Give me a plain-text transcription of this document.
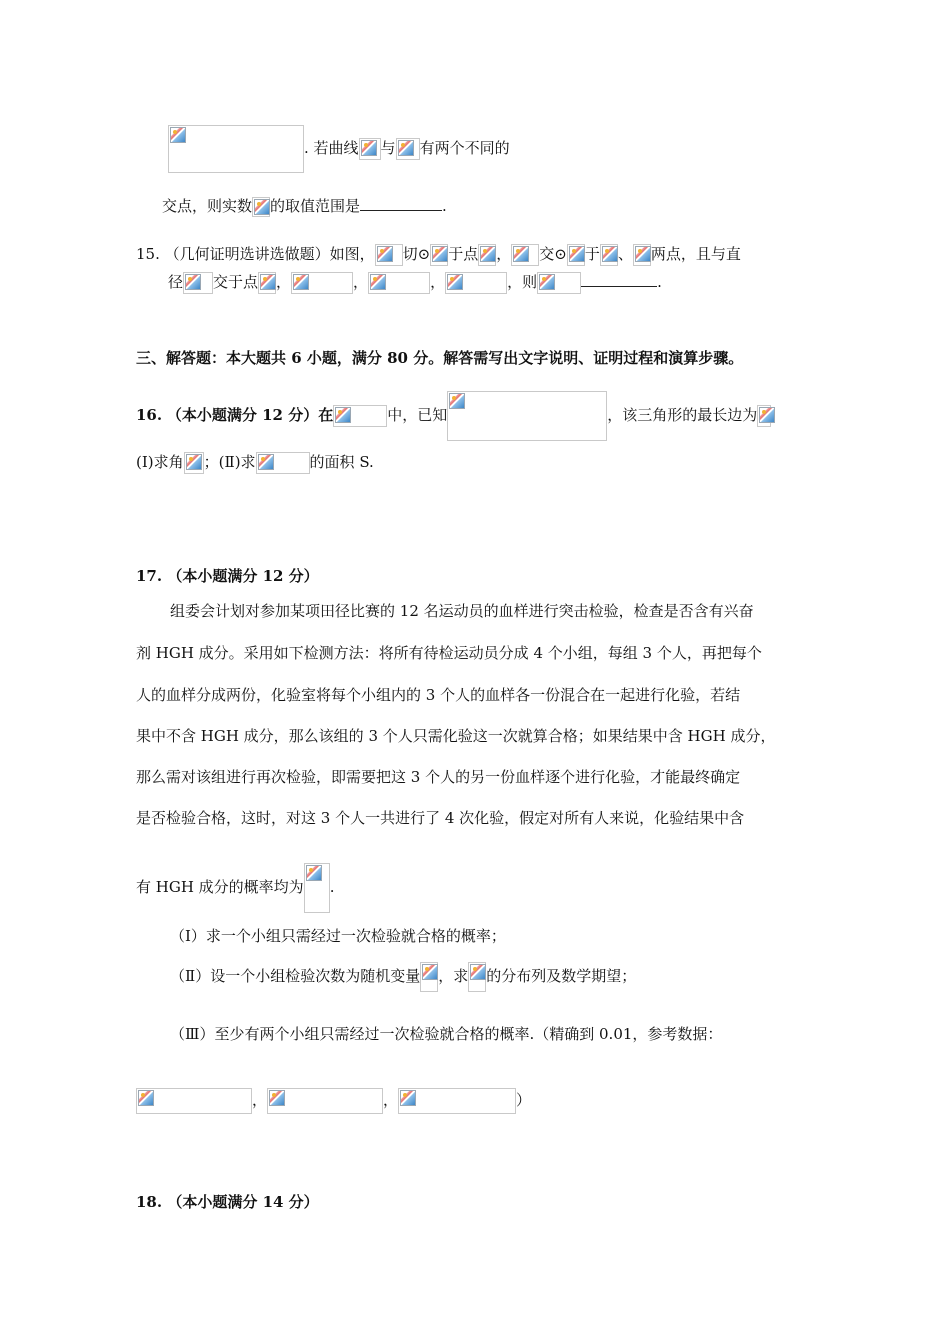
. 若曲线 与 有两个不同的
交点，则实数 的取值范围是	.
15. （几何证明选讲选做题）如图， 切⊙ 于点 ， 交⊙ 于 、 两点，且与直
径 交于点 ，	，	，	，则	.
三、解答题：本大题共 6 小题，满分 80 分。解答需写出文字说明、证明过程和演算步骤。
16. （本小题满分 12 分）在	中，已知	，该三角形的最长边为
(Ⅰ)求角 ；(Ⅱ)求	的面积 S.
17. （本小题满分 12 分）
组委会计划对参加某项田径比赛的 12 名运动员的血样进行突击检验，检查是否含有兴奋
剂 HGH 成分。采用如下检测方法：将所有待检运动员分成 4 个小组，每组 3 个人，再把每个
人的血样分成两份，化验室将每个小组内的 3 个人的血样各一份混合在一起进行化验，若结
果中不含 HGH 成分，那么该组的 3 个人只需化验这一次就算合格；如果结果中含 HGH 成分，
那么需对该组进行再次检验，即需要把这 3 个人的另一份血样逐个进行化验，才能最终确定
是否检验合格，这时，对这 3 个人一共进行了 4 次化验，假定对所有人来说，化验结果中含
有 HGH 成分的概率均为 .
（Ⅰ）求一个小组只需经过一次检验就合格的概率；
（Ⅱ）设一个小组检验次数为随机变量 ，求 的分布列及数学期望；
（Ⅲ）至少有两个小组只需经过一次检验就合格的概率.（精确到 0.01，参考数据：
，	，	）
18. （本小题满分 14 分）
